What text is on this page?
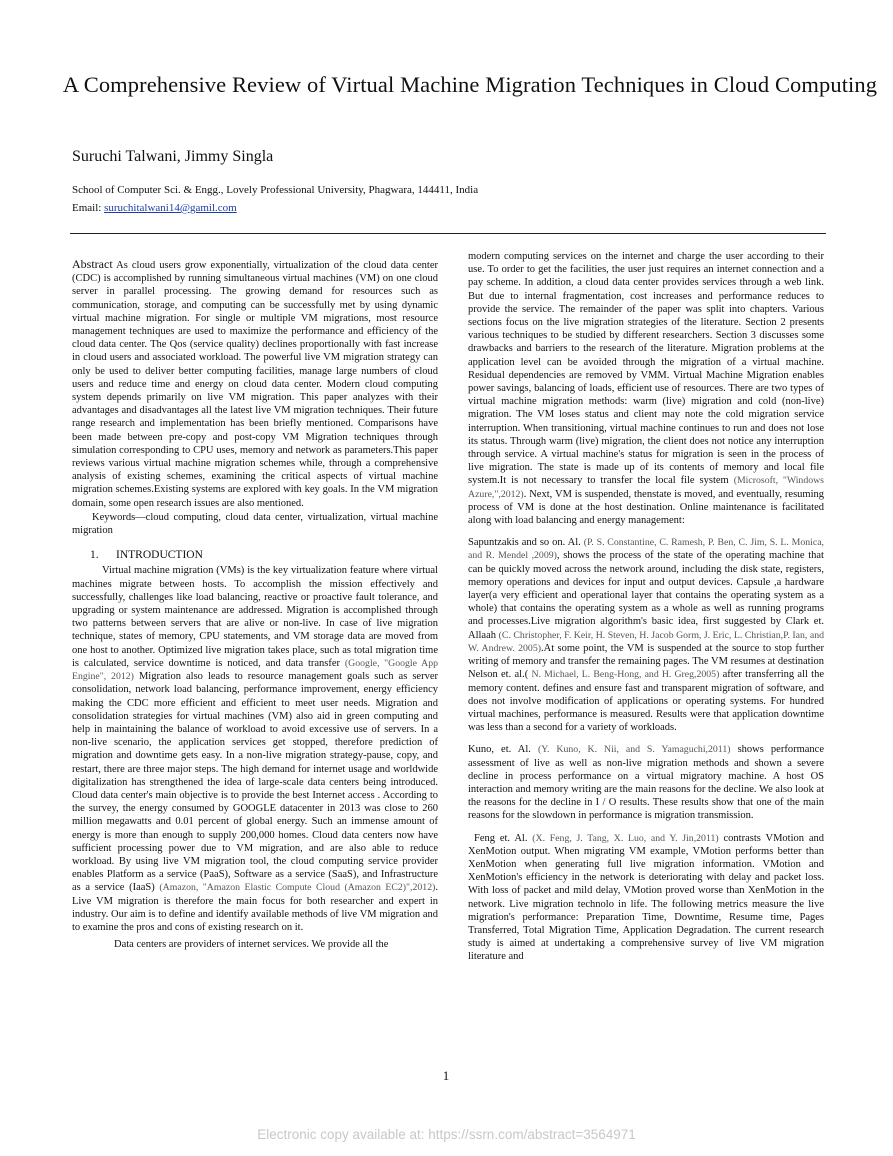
A Comprehensive Review of Virtual Machine Migration Techniques in Cloud Computing
Suruchi Talwani, Jimmy Singla
School of Computer Sci. & Engg., Lovely Professional University, Phagwara, 144411, India
Email: suruchitalwani14@gamil.com

Abstract As cloud users grow exponentially, virtualization of the cloud data center (CDC) is accomplished by running simultaneous virtual machines (VM) on one cloud server in parallel processing. The growing demand for resources such as communication, storage, and computing can be successfully met by using dynamic virtual machine migration. For single or multiple VM migrations, most resource management techniques are used to maximize the performance and efficiency of the cloud data center. The Qos (service quality) declines proportionally with fast increase in cloud users and associated workload. The powerful live VM migration strategy can only be used to deliver better computing facilities, manage large numbers of cloud users and reduce time and energy on cloud data center. Modern cloud computing system depends primarily on live VM migration. This paper analyzes with their advantages and disadvantages all the latest live VM migration techniques. Their future range research and implementation has been briefly mentioned. Comparisons have been made between pre-copy and post-copy VM Migration techniques through simulation corresponding to CPU uses, memory and network as parameters.This paper reviews various virtual machine migration schemes while, through a comprehensive analysis of existing schemes, examining the critical aspects of virtual machine migration schemes.Existing systems are explored with key goals. In the VM migration domain, some open research issues are also mentioned.

Keywords—cloud computing, cloud data center, virtualization, virtual machine migration

1. INTRODUCTION

Virtual machine migration (VMs) is the key virtualization feature where virtual machines migrate between hosts. To accomplish the mission effectively and successfully, challenges like load balancing, reactive or proactive fault tolerance, and upgrading or system maintenance are addressed. Migration is accomplished through two patterns between servers that are alive or non-live. In case of live migration technique, states of memory, CPU statements, and VM storage data are moved from one host to another. Optimized live migration takes place, such as total migration time is calculated, service downtime is noticed, and data transfer (Google, "Google App Engine", 2012) Migration also leads to resource management goals such as server consolidation, network load balancing, performance improvement, energy efficiency making the CDC more efficient and efficient to meet user needs. Migration and consolidation strategies for virtual machines (VM) also aid in green computing and help in maintaining the balance of workload to avoid excessive use of servers. In a non-live scenario, the application services get stopped, therefore prediction of migration and downtime gets easy. In a non-live migration strategy-pause, copy, and restart, there are three major steps. The high demand for internet usage and worldwide digitalization has strengthened the idea of large-scale data centers being introduced. Cloud data center's main objective is to provide the best Internet access . According to the survey, the energy consumed by GOOGLE datacenter in 2013 was close to 260 million megawatts and 0.01 percent of global energy. Such an immense amount of energy is more than enough to supply 200,000 homes. Cloud data centers now have sufficient processing power due to VM migration, and are also able to reduce workload. By using live VM migration tool, the cloud computing service provider enables Platform as a service (PaaS), Software as a service (SaaS), and Infrastructure as a service (IaaS) (Amazon, "Amazon Elastic Compute Cloud (Amazon EC2)",2012). Live VM migration is therefore the main focus for both researcher and expert in industry. Our aim is to define and identify available methods of live VM migration and to examine the pros and cons of existing research on it.

Data centers are providers of internet services. We provide all the

modern computing services on the internet and charge the user according to their use. To order to get the facilities, the user just requires an internet connection and a pay scheme. In addition, a cloud data center provides services through a web link. But due to internal fragmentation, cost increases and performance reduces to provide the service. The remainder of the paper was split into chapters. Various sections focus on the live migration strategies of the literature. Section 2 presents various techniques to be studied by different researchers. Section 3 discusses some drawbacks and barriers to the research of the literature. Migration problems at the application level can be avoided through the migration of a virtual machine. Residual dependencies are removed by VMM. Virtual Machine Migration enables power savings, balancing of loads, efficient use of resources. There are two types of virtual machine migration methods: warm (live) migration and cold (non-live) migration. The VM loses status and client may note the cold migration service interruption. When transitioning, virtual machine continues to run and does not lose its status. Through warm (live) migration, the client does not notice any interruption through service. A virtual machine's status for migration is seen in the process of live migration. The state is made up of its contents of memory and local file system.It is not necessary to transfer the local file system (Microsoft, "Windows Azure,",2012). Next, VM is suspended, thenstate is moved, and eventually, resuming process of VM is done at the host destination. Online maintenance is facilitated along with load balancing and energy management:

Sapuntzakis and so on. Al. (P. S. Constantine, C. Ramesh, P. Ben, C. Jim, S. L. Monica, and R. Mendel ,2009), shows the process of the state of the operating machine that can be quickly moved across the network around, including the disk state, registers, memory operations and devices for input and output devices. Capsule ,a hardware layer(a very efficient and operational layer that contains the operating system as a whole) that contains the operating system as a whole as well as running programs and processes.Live migration algorithm's basic idea, first suggested by Clark et. Allaah (C. Christopher, F. Keir, H. Steven, H. Jacob Gorm, J. Eric, L. Christian,P. Ian, and W. Andrew. 2005).At some point, the VM is suspended at the source to stop further writing of memory and transfer the remaining pages. The VM resumes at destination Nelson et. al.( N. Michael, L. Beng-Hong, and H. Greg,2005) after transferring all the memory content. defines and ensure fast and transparent migration of software, and does not involve modification of applications or operating systems. For hundred virtual machines, performance is measured. Results were that application downtime was less than a second for a variety of workloads.

Kuno, et. Al. (Y. Kuno, K. Nii, and S. Yamaguchi,2011) shows performance assessment of live as well as non-live migration methods and shown a severe decline in process performance on a virtual migratory machine. A host OS interaction and memory writing are the main reasons for the decline. We also look at the reasons for the decline in I / O results. These results show that one of the main reasons for the slowdown in performance is migration transmission.

Feng et. Al. (X. Feng, J. Tang, X. Luo, and Y. Jin,2011) contrasts VMotion and XenMotion output. When migrating VM example, VMotion performs better than XenMotion when generating full live migration information. VMotion and XenMotion's efficiency in the network is deteriorating with delay and packet loss. With loss of packet and mild delay, VMotion proved worse than XenMotion in the network. Live migration technolo in life. The following metrics measure the live migration's performance: Preparation Time, Downtime, Resume time, Pages Transferred, Total Migration Time, Application Degradation. The current research study is aimed at undertaking a comprehensive survey of live VM migration literature and

1
Electronic copy available at: https://ssrn.com/abstract=3564971
